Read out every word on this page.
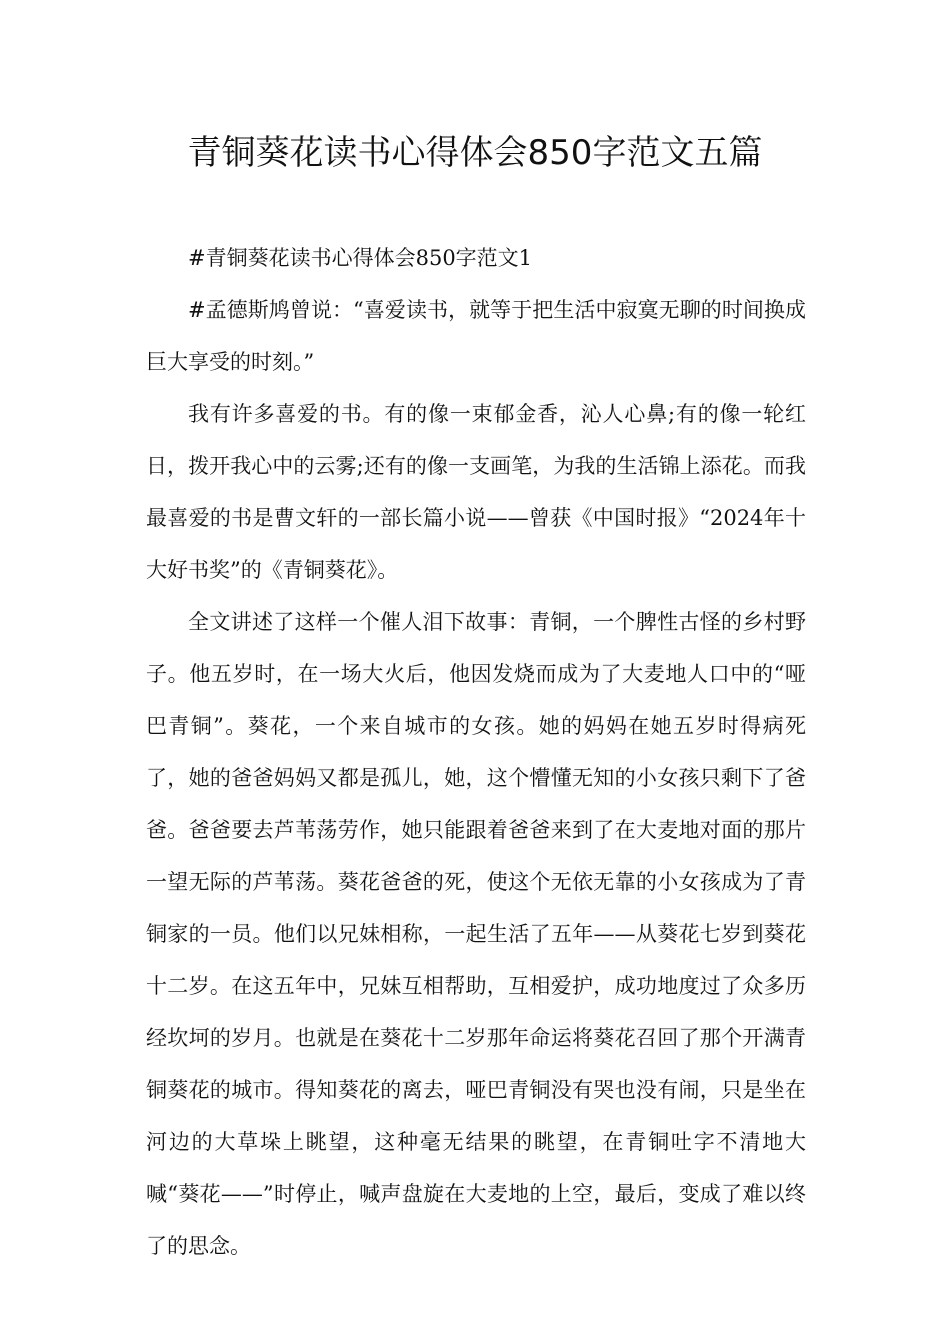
青铜葵花读书心得体会850字范文五篇

#青铜葵花读书心得体会850字范文1

#孟德斯鸠曾说：“喜爱读书，就等于把生活中寂寞无聊的时间换成巨大享受的时刻。”

我有许多喜爱的书。有的像一束郁金香，沁人心鼻;有的像一轮红日，拨开我心中的云雾;还有的像一支画笔，为我的生活锦上添花。而我最喜爱的书是曹文轩的一部长篇小说——曾获《中国时报》“2024年十大好书奖”的《青铜葵花》。

全文讲述了这样一个催人泪下故事：青铜，一个脾性古怪的乡村野子。他五岁时，在一场大火后，他因发烧而成为了大麦地人口中的“哑巴青铜”。葵花，一个来自城市的女孩。她的妈妈在她五岁时得病死了，她的爸爸妈妈又都是孤儿，她，这个懵懂无知的小女孩只剩下了爸爸。爸爸要去芦苇荡劳作，她只能跟着爸爸来到了在大麦地对面的那片一望无际的芦苇荡。葵花爸爸的死，使这个无依无靠的小女孩成为了青铜家的一员。他们以兄妹相称，一起生活了五年——从葵花七岁到葵花十二岁。在这五年中，兄妹互相帮助，互相爱护，成功地度过了众多历经坎坷的岁月。也就是在葵花十二岁那年命运将葵花召回了那个开满青铜葵花的城市。得知葵花的离去，哑巴青铜没有哭也没有闹，只是坐在河边的大草垛上眺望，这种毫无结果的眺望，在青铜吐字不清地大喊“葵花——”时停止，喊声盘旋在大麦地的上空，最后，变成了难以终了的思念。
